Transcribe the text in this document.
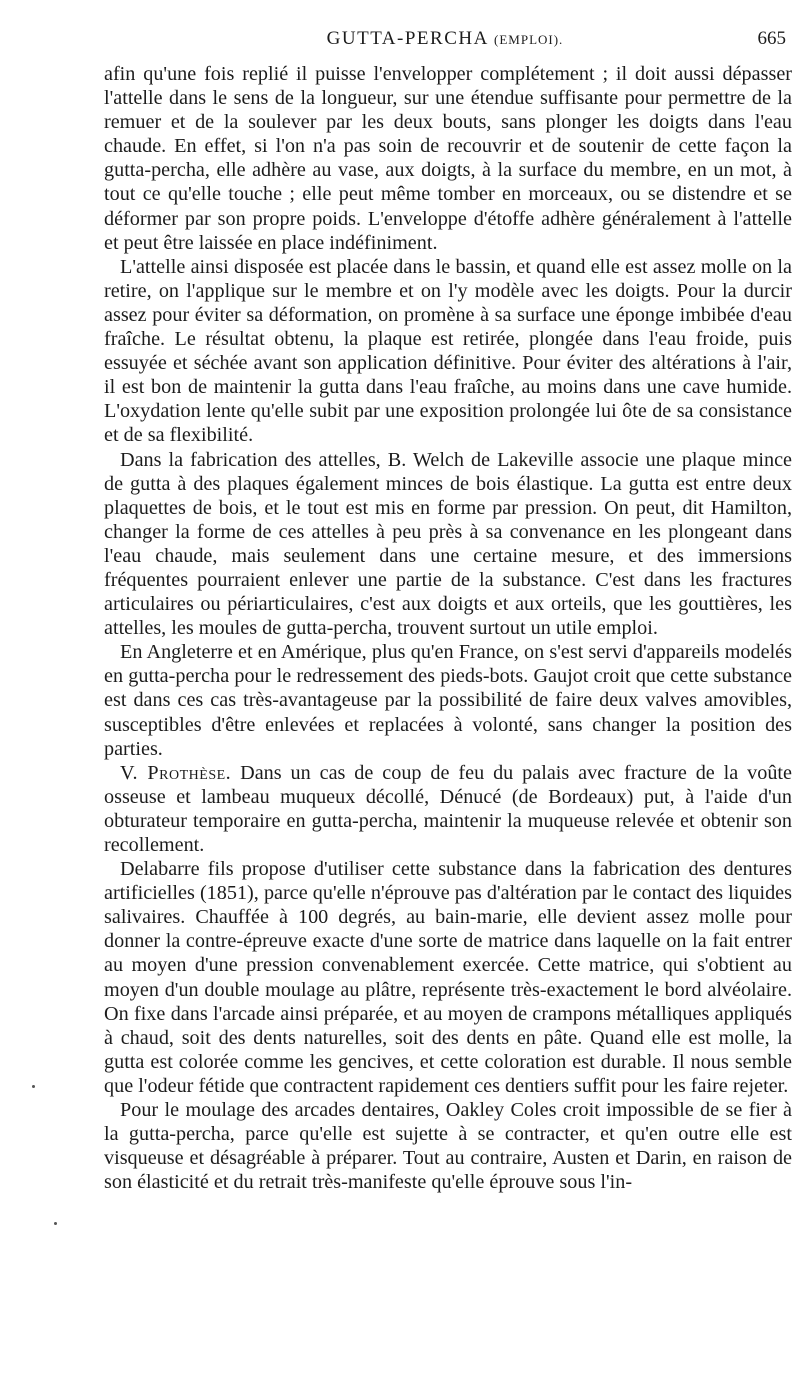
GUTTA-PERCHA (EMPLOI).	665

afin qu'une fois replié il puisse l'envelopper complétement ; il doit aussi dépasser l'attelle dans le sens de la longueur, sur une étendue suffisante pour permettre de la remuer et de la soulever par les deux bouts, sans plonger les doigts dans l'eau chaude. En effet, si l'on n'a pas soin de recouvrir et de soutenir de cette façon la gutta-percha, elle adhère au vase, aux doigts, à la surface du membre, en un mot, à tout ce qu'elle touche ; elle peut même tomber en morceaux, ou se distendre et se déformer par son propre poids. L'enveloppe d'étoffe adhère généralement à l'attelle et peut être laissée en place indéfiniment.

L'attelle ainsi disposée est placée dans le bassin, et quand elle est assez molle on la retire, on l'applique sur le membre et on l'y modèle avec les doigts. Pour la durcir assez pour éviter sa déformation, on promène à sa surface une éponge imbibée d'eau fraîche. Le résultat obtenu, la plaque est retirée, plongée dans l'eau froide, puis essuyée et séchée avant son application définitive. Pour éviter des altérations à l'air, il est bon de maintenir la gutta dans l'eau fraîche, au moins dans une cave humide. L'oxydation lente qu'elle subit par une exposition prolongée lui ôte de sa consistance et de sa flexibilité.

Dans la fabrication des attelles, B. Welch de Lakeville associe une plaque mince de gutta à des plaques également minces de bois élastique. La gutta est entre deux plaquettes de bois, et le tout est mis en forme par pression. On peut, dit Hamilton, changer la forme de ces attelles à peu près à sa convenance en les plongeant dans l'eau chaude, mais seulement dans une certaine mesure, et des immersions fréquentes pourraient enlever une partie de la substance. C'est dans les fractures articulaires ou périarticulaires, c'est aux doigts et aux orteils, que les gouttières, les attelles, les moules de gutta-percha, trouvent surtout un utile emploi.

En Angleterre et en Amérique, plus qu'en France, on s'est servi d'appareils modelés en gutta-percha pour le redressement des pieds-bots. Gaujot croit que cette substance est dans ces cas très-avantageuse par la possibilité de faire deux valves amovibles, susceptibles d'être enlevées et replacées à volonté, sans changer la position des parties.

V. Prothèse. Dans un cas de coup de feu du palais avec fracture de la voûte osseuse et lambeau muqueux décollé, Dénucé (de Bordeaux) put, à l'aide d'un obturateur temporaire en gutta-percha, maintenir la muqueuse relevée et obtenir son recollement.

Delabarre fils propose d'utiliser cette substance dans la fabrication des dentures artificielles (1851), parce qu'elle n'éprouve pas d'altération par le contact des liquides salivaires. Chauffée à 100 degrés, au bain-marie, elle devient assez molle pour donner la contre-épreuve exacte d'une sorte de matrice dans laquelle on la fait entrer au moyen d'une pression convenablement exercée. Cette matrice, qui s'obtient au moyen d'un double moulage au plâtre, représente très-exactement le bord alvéolaire. On fixe dans l'arcade ainsi préparée, et au moyen de crampons métalliques appliqués à chaud, soit des dents naturelles, soit des dents en pâte. Quand elle est molle, la gutta est colorée comme les gencives, et cette coloration est durable. Il nous semble que l'odeur fétide que contractent rapidement ces dentiers suffit pour les faire rejeter.

Pour le moulage des arcades dentaires, Oakley Coles croit impossible de se fier à la gutta-percha, parce qu'elle est sujette à se contracter, et qu'en outre elle est visqueuse et désagréable à préparer. Tout au contraire, Austen et Darin, en raison de son élasticité et du retrait très-manifeste qu'elle éprouve sous l'in-
